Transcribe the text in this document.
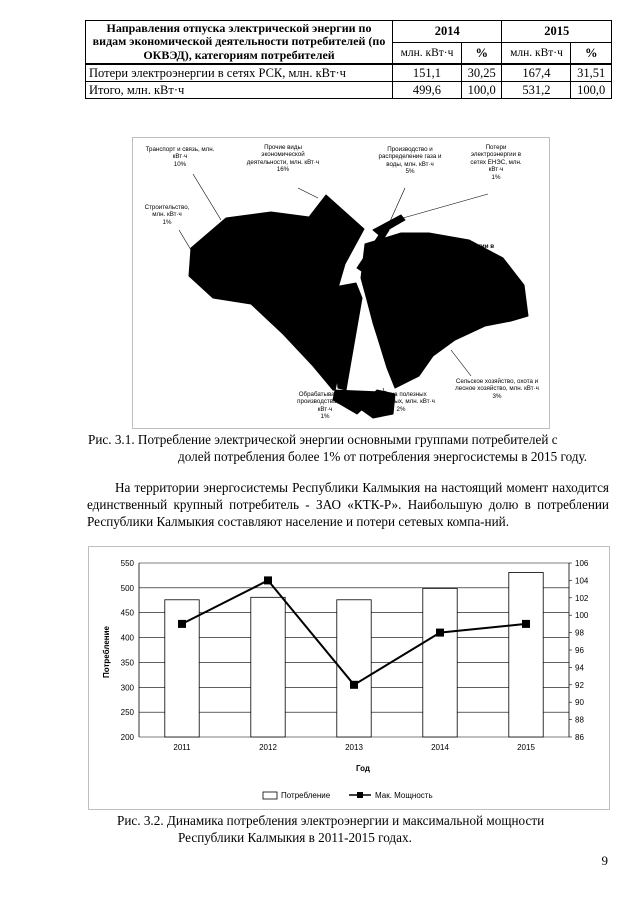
Направления отпуска электрической энергии по видам экономической деятельности потребителей (по ОКВЭД), категориям потребителей	2014		2015	
	млн. кВт·ч	%	млн. кВт·ч	%
Потери электроэнергии в сетях РСК, млн. кВт·ч	151,1	30,25	167,4	31,51
Итого, млн. кВт·ч	499,6	100,0	531,2	100,0
Транспорт и связь, млн. кВт·ч
10%
Прочие виды экономической деятельности, млн. кВт·ч
16%
Строительство, млн. кВт·ч
1%
Производство и распределение газа и воды, млн. кВт·ч
5%
Потери электроэнергии в сетях ЕНЭС, млн. кВт·ч
1%
Потери электроэнергии в сетях РСК, млн. кВт·ч
32%
Сельское хозяйство, охота и лесное хозяйство, млн. кВт·ч
3%
Добыча полезных ископаемых, млн. кВт·ч
2%
Обрабатывающие производства, млн. кВт·ч
1%
Рис. 3.1. Потребление электрической энергии основными группами потребителей с
долей потребления более 1% от потребления энергосистемы в 2015 году.
На территории энергосистемы Республики Калмыкия на настоящий момент находится единственный крупный потребитель - ЗАО «КТК-Р». Наибольшую долю в потреблении Республики Калмыкия составляют население и потери сетевых компа-ний.
200
250
300
350
400
450
500
550
86
88
90
92
94
96
98
100
102
104
106
2011	2012	2013	2014	2015
Потребление
Год
Потребление	Мак. Мощность
Рис. 3.2. Динамика потребления электроэнергии и максимальной мощности
Республики Калмыкия в 2011-2015 годах.
9
